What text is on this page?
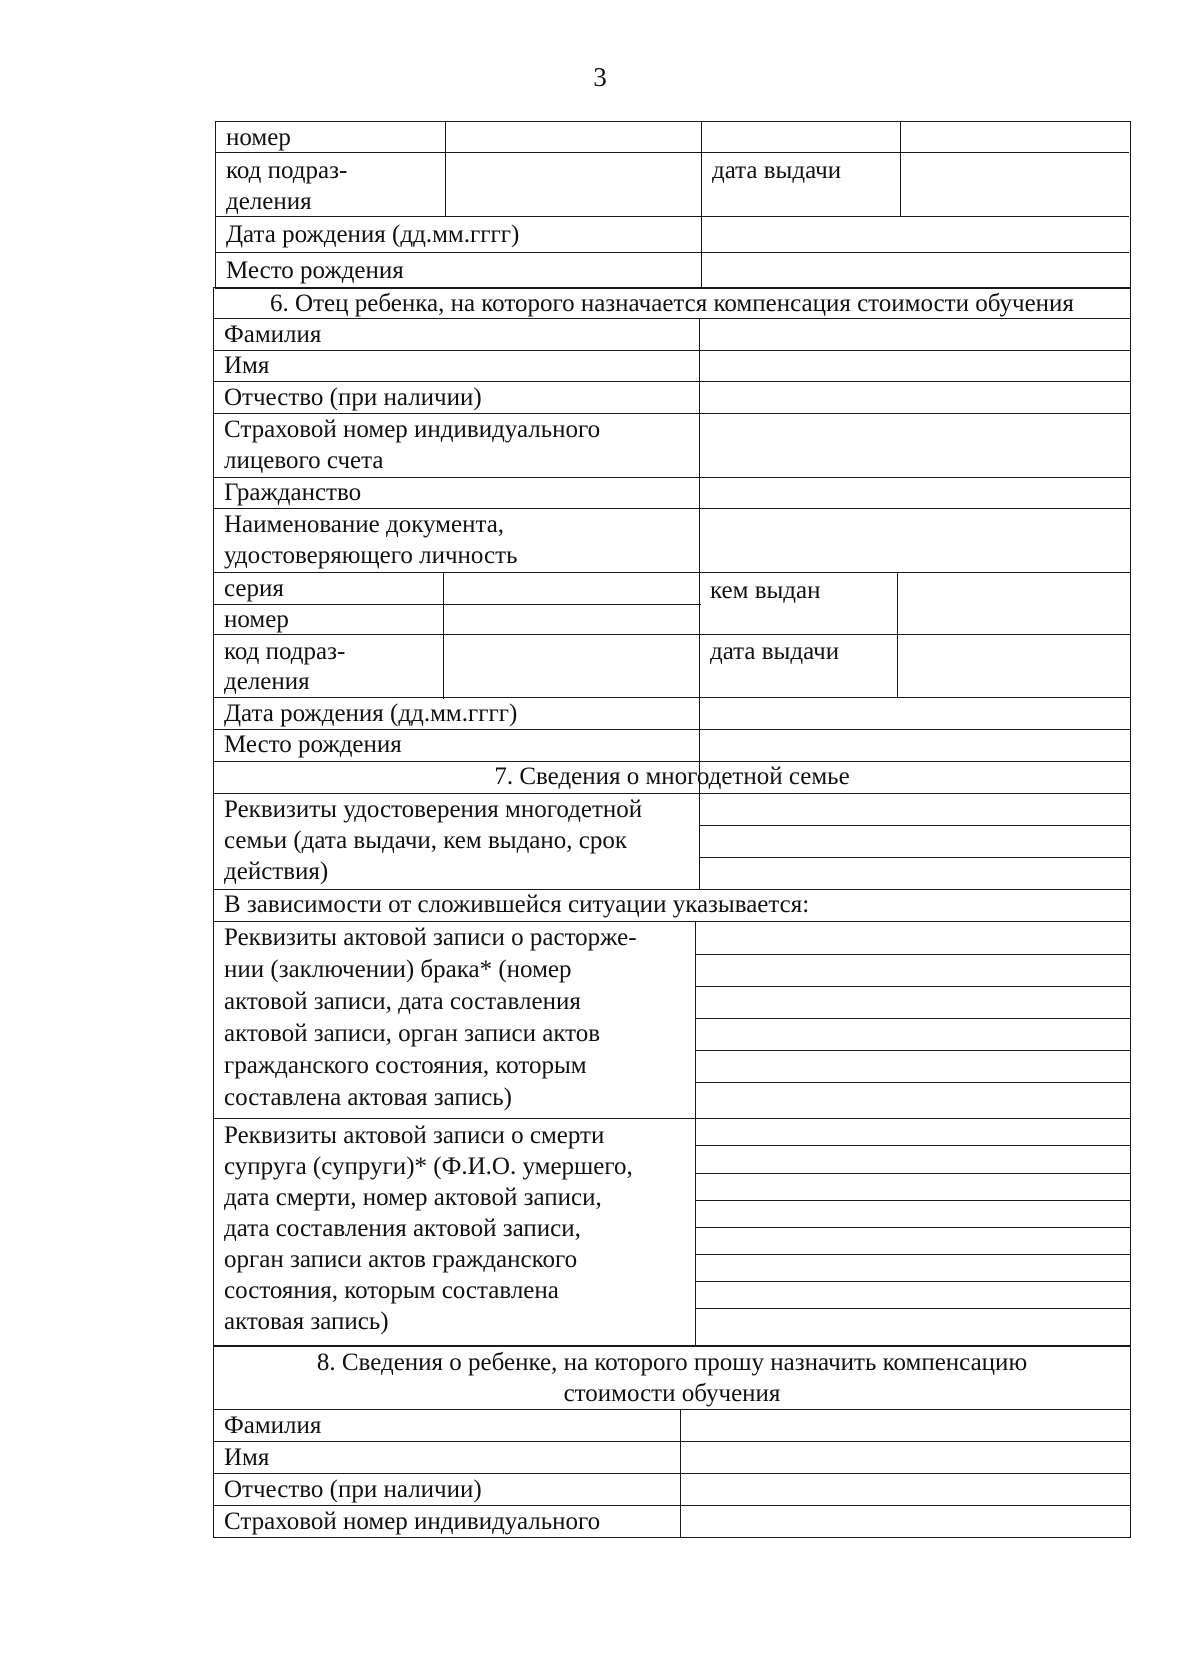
3
номер
код подраз-
деления
дата выдачи
Дата рождения (дд.мм.гггг)
Место рождения
6. Отец ребенка, на которого назначается компенсация стоимости обучения
Фамилия
Имя
Отчество (при наличии)
Страховой номер индивидуального
лицевого счета
Гражданство
Наименование документа,
удостоверяющего личность
серия
номер
кем выдан
код подраз-
деления
дата выдачи
Дата рождения (дд.мм.гггг)
Место рождения
7. Сведения о многодетной семье
Реквизиты удостоверения многодетной
семьи (дата выдачи, кем выдано, срок
действия)
В зависимости от сложившейся ситуации указывается:
Реквизиты актовой записи о расторже-
нии (заключении) брака* (номер
актовой записи, дата составления
актовой записи, орган записи актов
гражданского состояния, которым
составлена актовая запись)
Реквизиты актовой записи о смерти
супруга (супруги)* (Ф.И.О. умершего,
дата смерти, номер актовой записи,
дата составления актовой записи,
орган записи актов гражданского
состояния, которым составлена
актовая запись)
8. Сведения о ребенке, на которого прошу назначить компенсацию
стоимости обучения
Фамилия
Имя
Отчество (при наличии)
Страховой номер индивидуального
